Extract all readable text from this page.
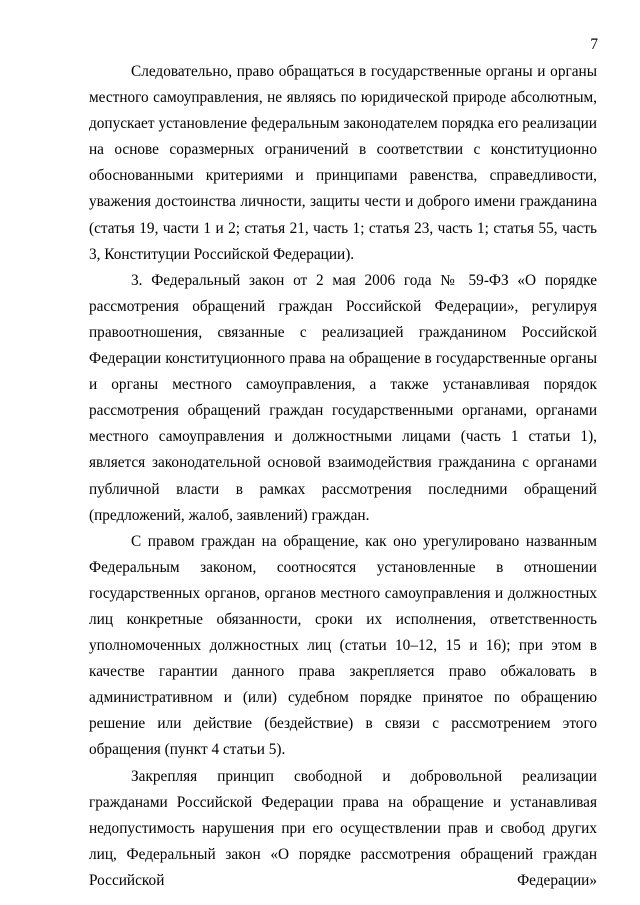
7

Следовательно, право обращаться в государственные органы и органы местного самоуправления, не являясь по юридической природе абсолютным, допускает установление федеральным законодателем порядка его реализации на основе соразмерных ограничений в соответствии с конституционно обоснованными критериями и принципами равенства, справедливости, уважения достоинства личности, защиты чести и доброго имени гражданина (статья 19, части 1 и 2; статья 21, часть 1; статья 23, часть 1; статья 55, часть 3, Конституции Российской Федерации).

3. Федеральный закон от 2 мая 2006 года № 59-ФЗ «О порядке рассмотрения обращений граждан Российской Федерации», регулируя правоотношения, связанные с реализацией гражданином Российской Федерации конституционного права на обращение в государственные органы и органы местного самоуправления, а также устанавливая порядок рассмотрения обращений граждан государственными органами, органами местного самоуправления и должностными лицами (часть 1 статьи 1), является законодательной основой взаимодействия гражданина с органами публичной власти в рамках рассмотрения последними обращений (предложений, жалоб, заявлений) граждан.

С правом граждан на обращение, как оно урегулировано названным Федеральным законом, соотносятся установленные в отношении государственных органов, органов местного самоуправления и должностных лиц конкретные обязанности, сроки их исполнения, ответственность уполномоченных должностных лиц (статьи 10–12, 15 и 16); при этом в качестве гарантии данного права закрепляется право обжаловать в административном и (или) судебном порядке принятое по обращению решение или действие (бездействие) в связи с рассмотрением этого обращения (пункт 4 статьи 5).

Закрепляя принцип свободной и добровольной реализации гражданами Российской Федерации права на обращение и устанавливая недопустимость нарушения при его осуществлении прав и свобод других лиц, Федеральный закон «О порядке рассмотрения обращений граждан Российской Федерации»
